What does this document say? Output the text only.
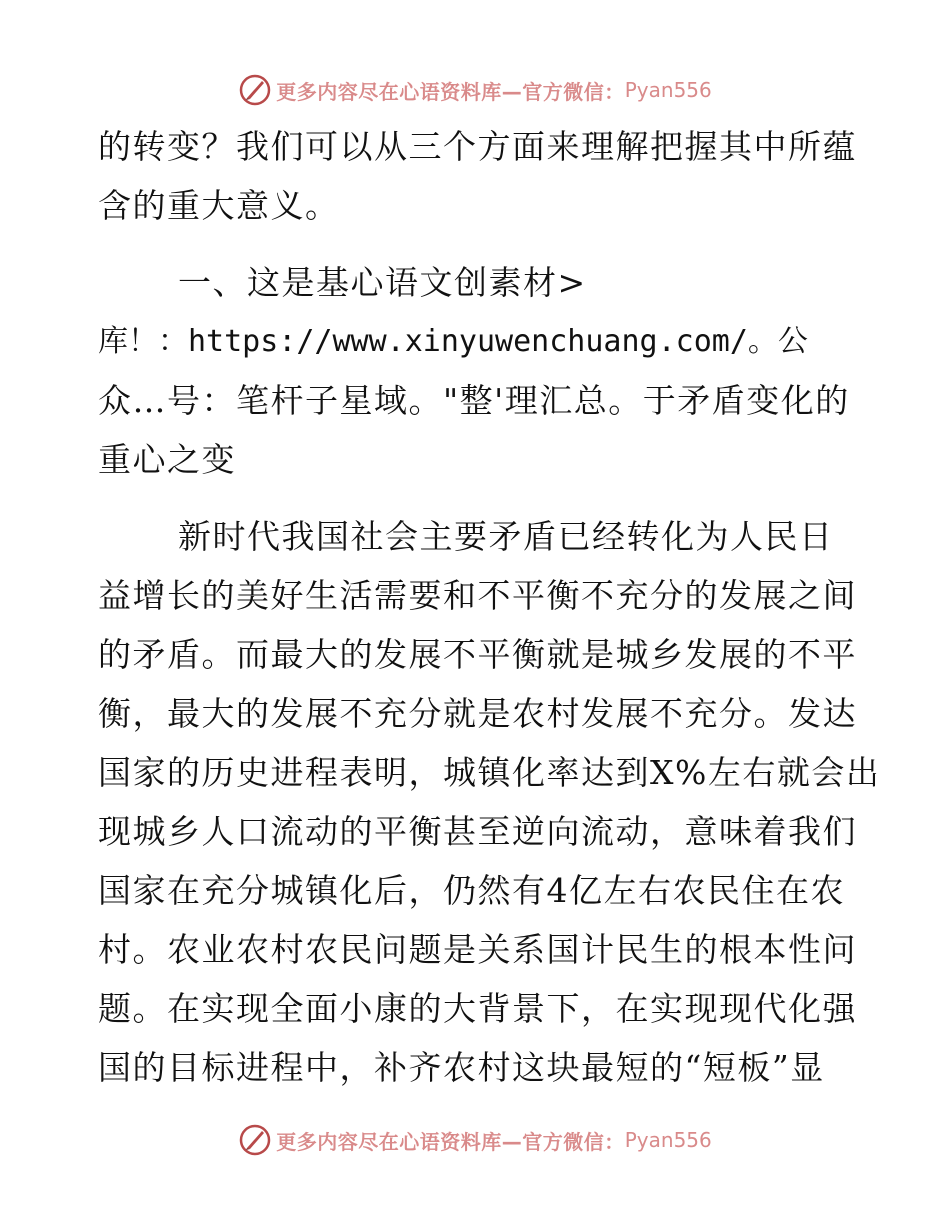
更多内容尽在心语资料库—官方微信： Pyan556
的转变？我们可以从三个方面来理解把握其中所蕴
含的重大意义。
一、这是基心语文创素材>
库！：https://www.xinyuwenchuang.com/。公
众…号：笔杆子星域。"整'理汇总。于矛盾变化的
重心之变
新时代我国社会主要矛盾已经转化为人民日
益增长的美好生活需要和不平衡不充分的发展之间
的矛盾。而最大的发展不平衡就是城乡发展的不平
衡，最大的发展不充分就是农村发展不充分。发达
国家的历史进程表明，城镇化率达到X%左右就会出
现城乡人口流动的平衡甚至逆向流动，意味着我们
国家在充分城镇化后，仍然有4亿左右农民住在农
村。农业农村农民问题是关系国计民生的根本性问
题。在实现全面小康的大背景下，在实现现代化强
国的目标进程中，补齐农村这块最短的“短板”显
更多内容尽在心语资料库—官方微信： Pyan556
